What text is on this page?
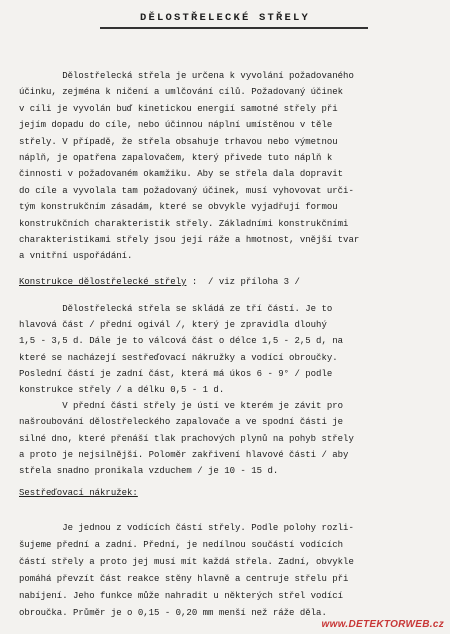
DĚLOSTŘELECKÉ STŘELY
Dělostřelecká střela je určena k vyvolání požadovaného
účinku, zejména k ničení a umlčování cílů. Požadovaný účinek
v cíli je vyvolán buď kinetickou energií samotné střely při
jejím dopadu do cíle, nebo účinnou náplní umístěnou v těle
střely. V případě, že střela obsahuje trhavou nebo výmetnou
náplň, je opatřena zapalovačem, který přivede tuto náplň k
činnosti v požadovaném okamžiku. Aby se střela dala dopravit
do cíle a vyvolala tam požadovaný účinek, musí vyhovovat urči-
tým konstrukčním zásadám, které se obvykle vyjadřují formou
konstrukčních charakteristik střely. Základními konstrukčními
charakteristikami střely jsou její ráže a hmotnost, vnější tvar
a vnitřní uspořádání.
Konstrukce dělostřelecké střely :  / viz příloha 3 /
Dělostřelecká střela se skládá ze tří částí. Je to
hlavová část / přední ogivál /, který je zpravidla dlouhý
1,5 - 3,5 d. Dále je to válcová část o délce 1,5 - 2,5 d, na
které se nacházejí sestřeďovací nákružky a vodící obroučky.
Poslední částí je zadní část, která má úkos 6 - 9° / podle
konstrukce střely / a délku 0,5 - 1 d.
V přední části střely je ústí ve kterém je závit pro
našroubování dělostřeleckého zapalovače a ve spodní části je
silné dno, které přenáší tlak prachových plynů na pohyb střely
a proto je nejsilnější. Poloměr zakřivení hlavové části / aby
střela snadno pronikala vzduchem / je 10 - 15 d.
Sestřeďovací nákružek:
Je jednou z vodících částí střely. Podle polohy rozli-
šujeme přední a zadní. Přední, je nedílnou součástí vodících
částí střely a proto jej musí mít každá střela. Zadní, obvykle
pomáhá převzít část reakce stěny hlavně a centruje střelu při
nabíjení. Jeho funkce může nahradit u některých střel vodící
obroučka. Průměr je o 0,15 - 0,20 mm menší než ráže děla.
www.DETEKTORWEB.cz
